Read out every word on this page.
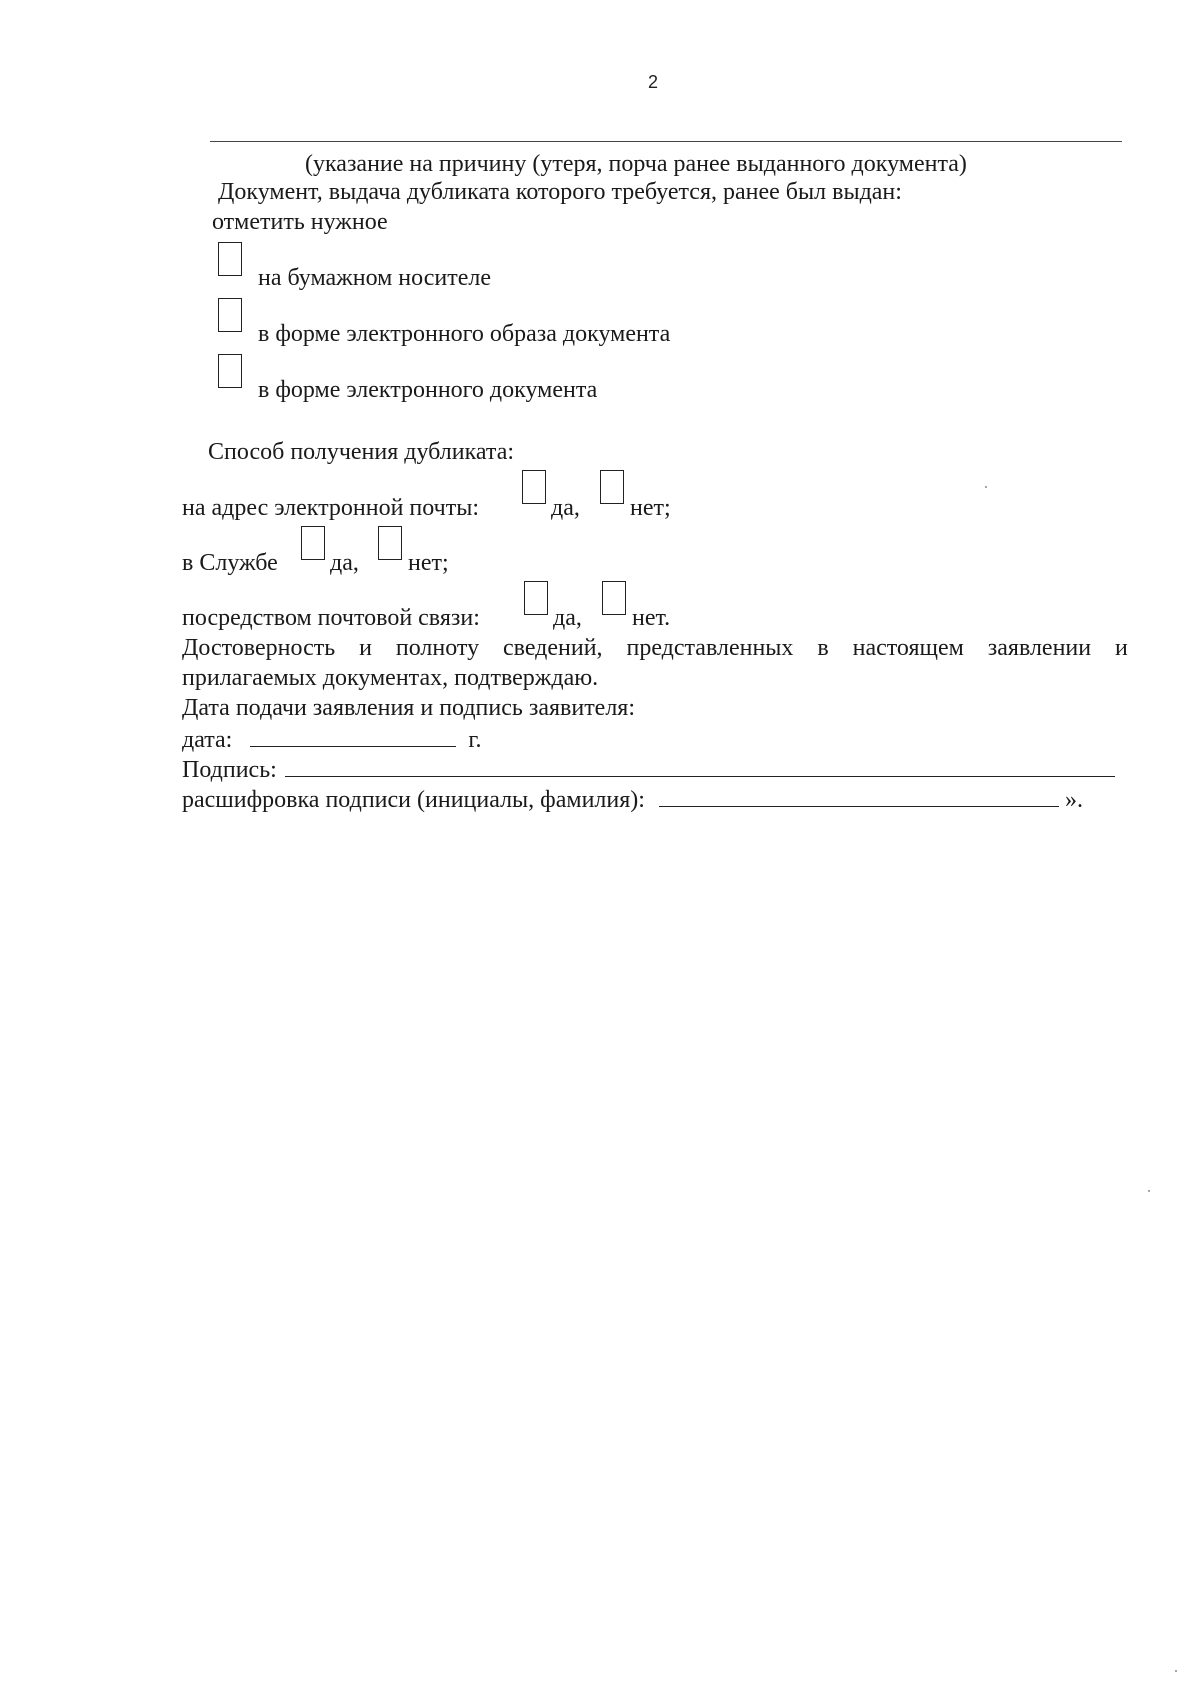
2
(указание на причину (утеря, порча ранее выданного документа)
Документ, выдача дубликата которого требуется, ранее был выдан:
отметить нужное
на бумажном носителе
в форме электронного образа документа
в форме электронного документа
Способ получения дубликата:
на адрес электронной почты:	да, нет;
в Службе да, нет;
посредством почтовой связи:	да, нет.
Достоверность и полноту сведений, представленных в настоящем заявлении и
прилагаемых документах, подтверждаю.
Дата подачи заявления и подпись заявителя:
дата:	г.
Подпись:
расшифровка подписи (инициалы, фамилия):	».
